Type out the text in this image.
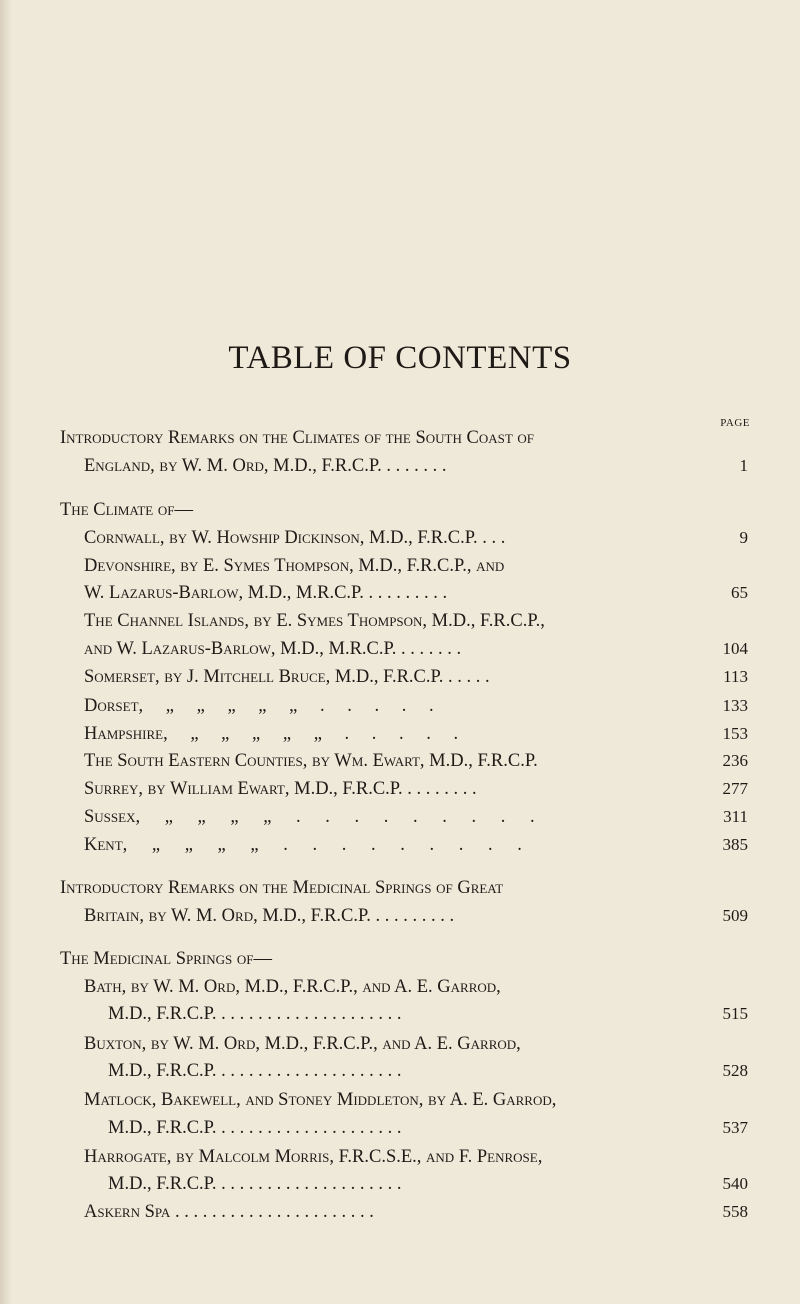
TABLE OF CONTENTS
PAGE
Introductory Remarks on the Climates of the South Coast of
England, by W. M. Ord, M.D., F.R.C.P. . . . . . . .	1
The Climate of—
Cornwall, by W. Howship Dickinson, M.D., F.R.C.P. . . .	9
Devonshire, by E. Symes Thompson, M.D., F.R.C.P., and
W. Lazarus-Barlow, M.D., M.R.C.P. . . . . . . . . .	65
The Channel Islands, by E. Symes Thompson, M.D., F.R.C.P.,
and W. Lazarus-Barlow, M.D., M.R.C.P. . . . . . . .	104
Somerset, by J. Mitchell Bruce, M.D., F.R.C.P. . . . . .	113
Dorset, „ „ „ „ „ . . . . .	133
Hampshire, „ „ „ „ „ . . . . .	153
The South Eastern Counties, by Wm. Ewart, M.D., F.R.C.P.	236
Surrey, by William Ewart, M.D., F.R.C.P. . . . . . . . .	277
Sussex, „ „ „ „ . . . . . . . . .	311
Kent, „ „ „ „ . . . . . . . . .	385
Introductory Remarks on the Medicinal Springs of Great
Britain, by W. M. Ord, M.D., F.R.C.P. . . . . . . . . .	509
The Medicinal Springs of—
Bath, by W. M. Ord, M.D., F.R.C.P., and A. E. Garrod,
M.D., F.R.C.P. . . . . . . . . . . . . . . . . . . . .	515
Buxton, by W. M. Ord, M.D., F.R.C.P., and A. E. Garrod,
M.D., F.R.C.P. . . . . . . . . . . . . . . . . . . . .	528
Matlock, Bakewell, and Stoney Middleton, by A. E. Garrod,
M.D., F.R.C.P. . . . . . . . . . . . . . . . . . . . .	537
Harrogate, by Malcolm Morris, F.R.C.S.E., and F. Penrose,
M.D., F.R.C.P. . . . . . . . . . . . . . . . . . . . .	540
Askern Spa . . . . . . . . . . . . . . . . . . . . . .	558
